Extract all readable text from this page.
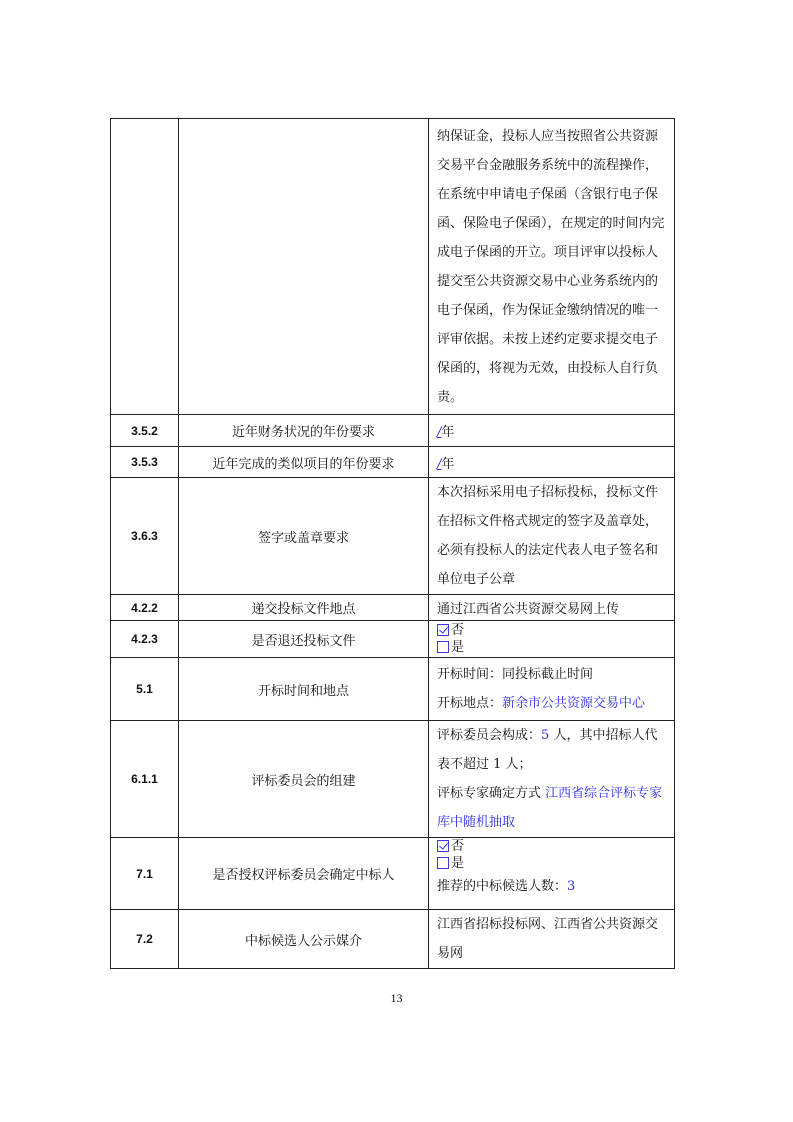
		纳保证金，投标人应当按照省公共资源交易平台金融服务系统中的流程操作，在系统中申请电子保函（含银行电子保函、保险电子保函），在规定的时间内完成电子保函的开立。项目评审以投标人提交至公共资源交易中心业务系统内的电子保函，作为保证金缴纳情况的唯一评审依据。未按上述约定要求提交电子保函的，将视为无效，由投标人自行负责。
3.5.2	近年财务状况的年份要求	/年
3.5.3	近年完成的类似项目的年份要求	/年
3.6.3	签字或盖章要求	本次招标采用电子招标投标，投标文件在招标文件格式规定的签字及盖章处，必须有投标人的法定代表人电子签名和单位电子公章
4.2.2	递交投标文件地点	通过江西省公共资源交易网上传
4.2.3	是否退还投标文件	否
是

5.1	开标时间和地点	开标时间：同投标截止时间
开标地点：新余市公共资源交易中心

6.1.1	评标委员会的组建	评标委员会构成：5 人，其中招标人代表不超过 1 人；
评标专家确定方式 江西省综合评标专家库中随机抽取

7.1	是否授权评标委员会确定中标人	否
是
推荐的中标候选人数：3

7.2	中标候选人公示媒介	江西省招标投标网、江西省公共资源交易网
13
